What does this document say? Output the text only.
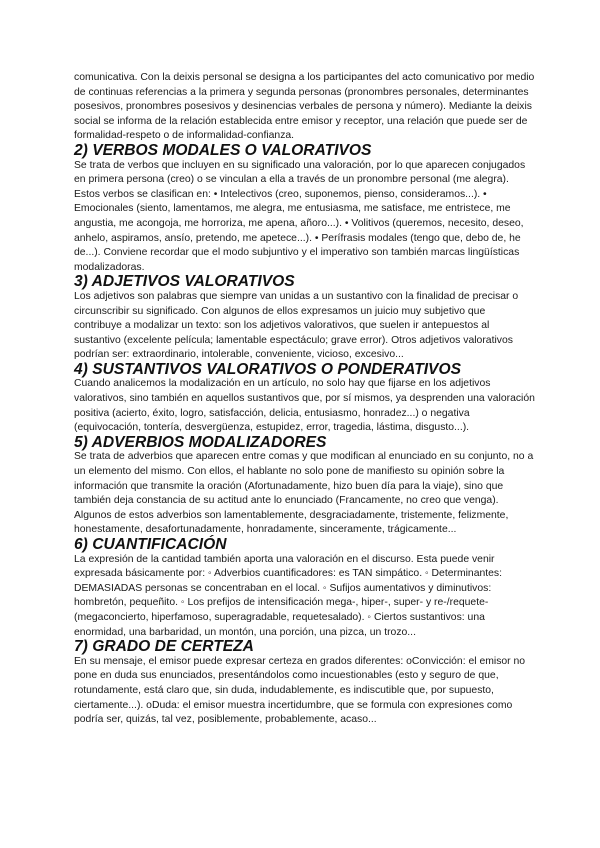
comunicativa. Con la deixis personal se designa a los participantes del acto comunicativo por medio de continuas referencias a la primera y segunda personas (pronombres personales, determinantes posesivos, pronombres posesivos y desinencias verbales de persona y número). Mediante la deixis social se informa de la relación establecida entre emisor y receptor, una relación que puede ser de formalidad-respeto o de informalidad-confianza.

2) VERBOS MODALES O VALORATIVOS

Se trata de verbos que incluyen en su significado una valoración, por lo que aparecen conjugados en primera persona (creo) o se vinculan a ella a través de un pronombre personal (me alegra). Estos verbos se clasifican en: • Intelectivos (creo, suponemos, pienso, consideramos...). • Emocionales (siento, lamentamos, me alegra, me entusiasma, me satisface, me entristece, me angustia, me acongoja, me horroriza, me apena, añoro...). • Volitivos (queremos, necesito, deseo, anhelo, aspiramos, ansío, pretendo, me apetece...). • Perífrasis modales (tengo que, debo de, he de...). Conviene recordar que el modo subjuntivo y el imperativo son también marcas lingüísticas modalizadoras.

3) ADJETIVOS VALORATIVOS

Los adjetivos son palabras que siempre van unidas a un sustantivo con la finalidad de precisar o circunscribir su significado. Con algunos de ellos expresamos un juicio muy subjetivo que contribuye a modalizar un texto: son los adjetivos valorativos, que suelen ir antepuestos al sustantivo (excelente película; lamentable espectáculo; grave error). Otros adjetivos valorativos podrían ser: extraordinario, intolerable, conveniente, vicioso, excesivo...

4) SUSTANTIVOS VALORATIVOS O PONDERATIVOS

Cuando analicemos la modalización en un artículo, no solo hay que fijarse en los adjetivos valorativos, sino también en aquellos sustantivos que, por sí mismos, ya desprenden una valoración positiva (acierto, éxito, logro, satisfacción, delicia, entusiasmo, honradez...) o negativa (equivocación, tontería, desvergüenza, estupidez, error, tragedia, lástima, disgusto...).

5) ADVERBIOS MODALIZADORES

Se trata de adverbios que aparecen entre comas y que modifican al enunciado en su conjunto, no a un elemento del mismo. Con ellos, el hablante no solo pone de manifiesto su opinión sobre la información que transmite la oración (Afortunadamente, hizo buen día para la viaje), sino que también deja constancia de su actitud ante lo enunciado (Francamente, no creo que venga). Algunos de estos adverbios son lamentablemente, desgraciadamente, tristemente, felizmente, honestamente, desafortunadamente, honradamente, sinceramente, trágicamente...

6) CUANTIFICACIÓN

La expresión de la cantidad también aporta una valoración en el discurso. Esta puede venir expresada básicamente por: ◦ Adverbios cuantificadores: es TAN simpático. ◦ Determinantes: DEMASIADAS personas se concentraban en el local. ◦ Sufijos aumentativos y diminutivos: hombretón, pequeñito. ◦ Los prefijos de intensificación mega-, hiper-, super- y re-/requete- (megaconcierto, hiperfamoso, superagradable, requetesalado). ◦ Ciertos sustantivos: una enormidad, una barbaridad, un montón, una porción, una pizca, un trozo...

7) GRADO DE CERTEZA

En su mensaje, el emisor puede expresar certeza en grados diferentes: oConvicción: el emisor no pone en duda sus enunciados, presentándolos como incuestionables (esto y seguro de que, rotundamente, está claro que, sin duda, indudablemente, es indiscutible que, por supuesto, ciertamente...). oDuda: el emisor muestra incertidumbre, que se formula con expresiones como podría ser, quizás, tal vez, posiblemente, probablemente, acaso...
